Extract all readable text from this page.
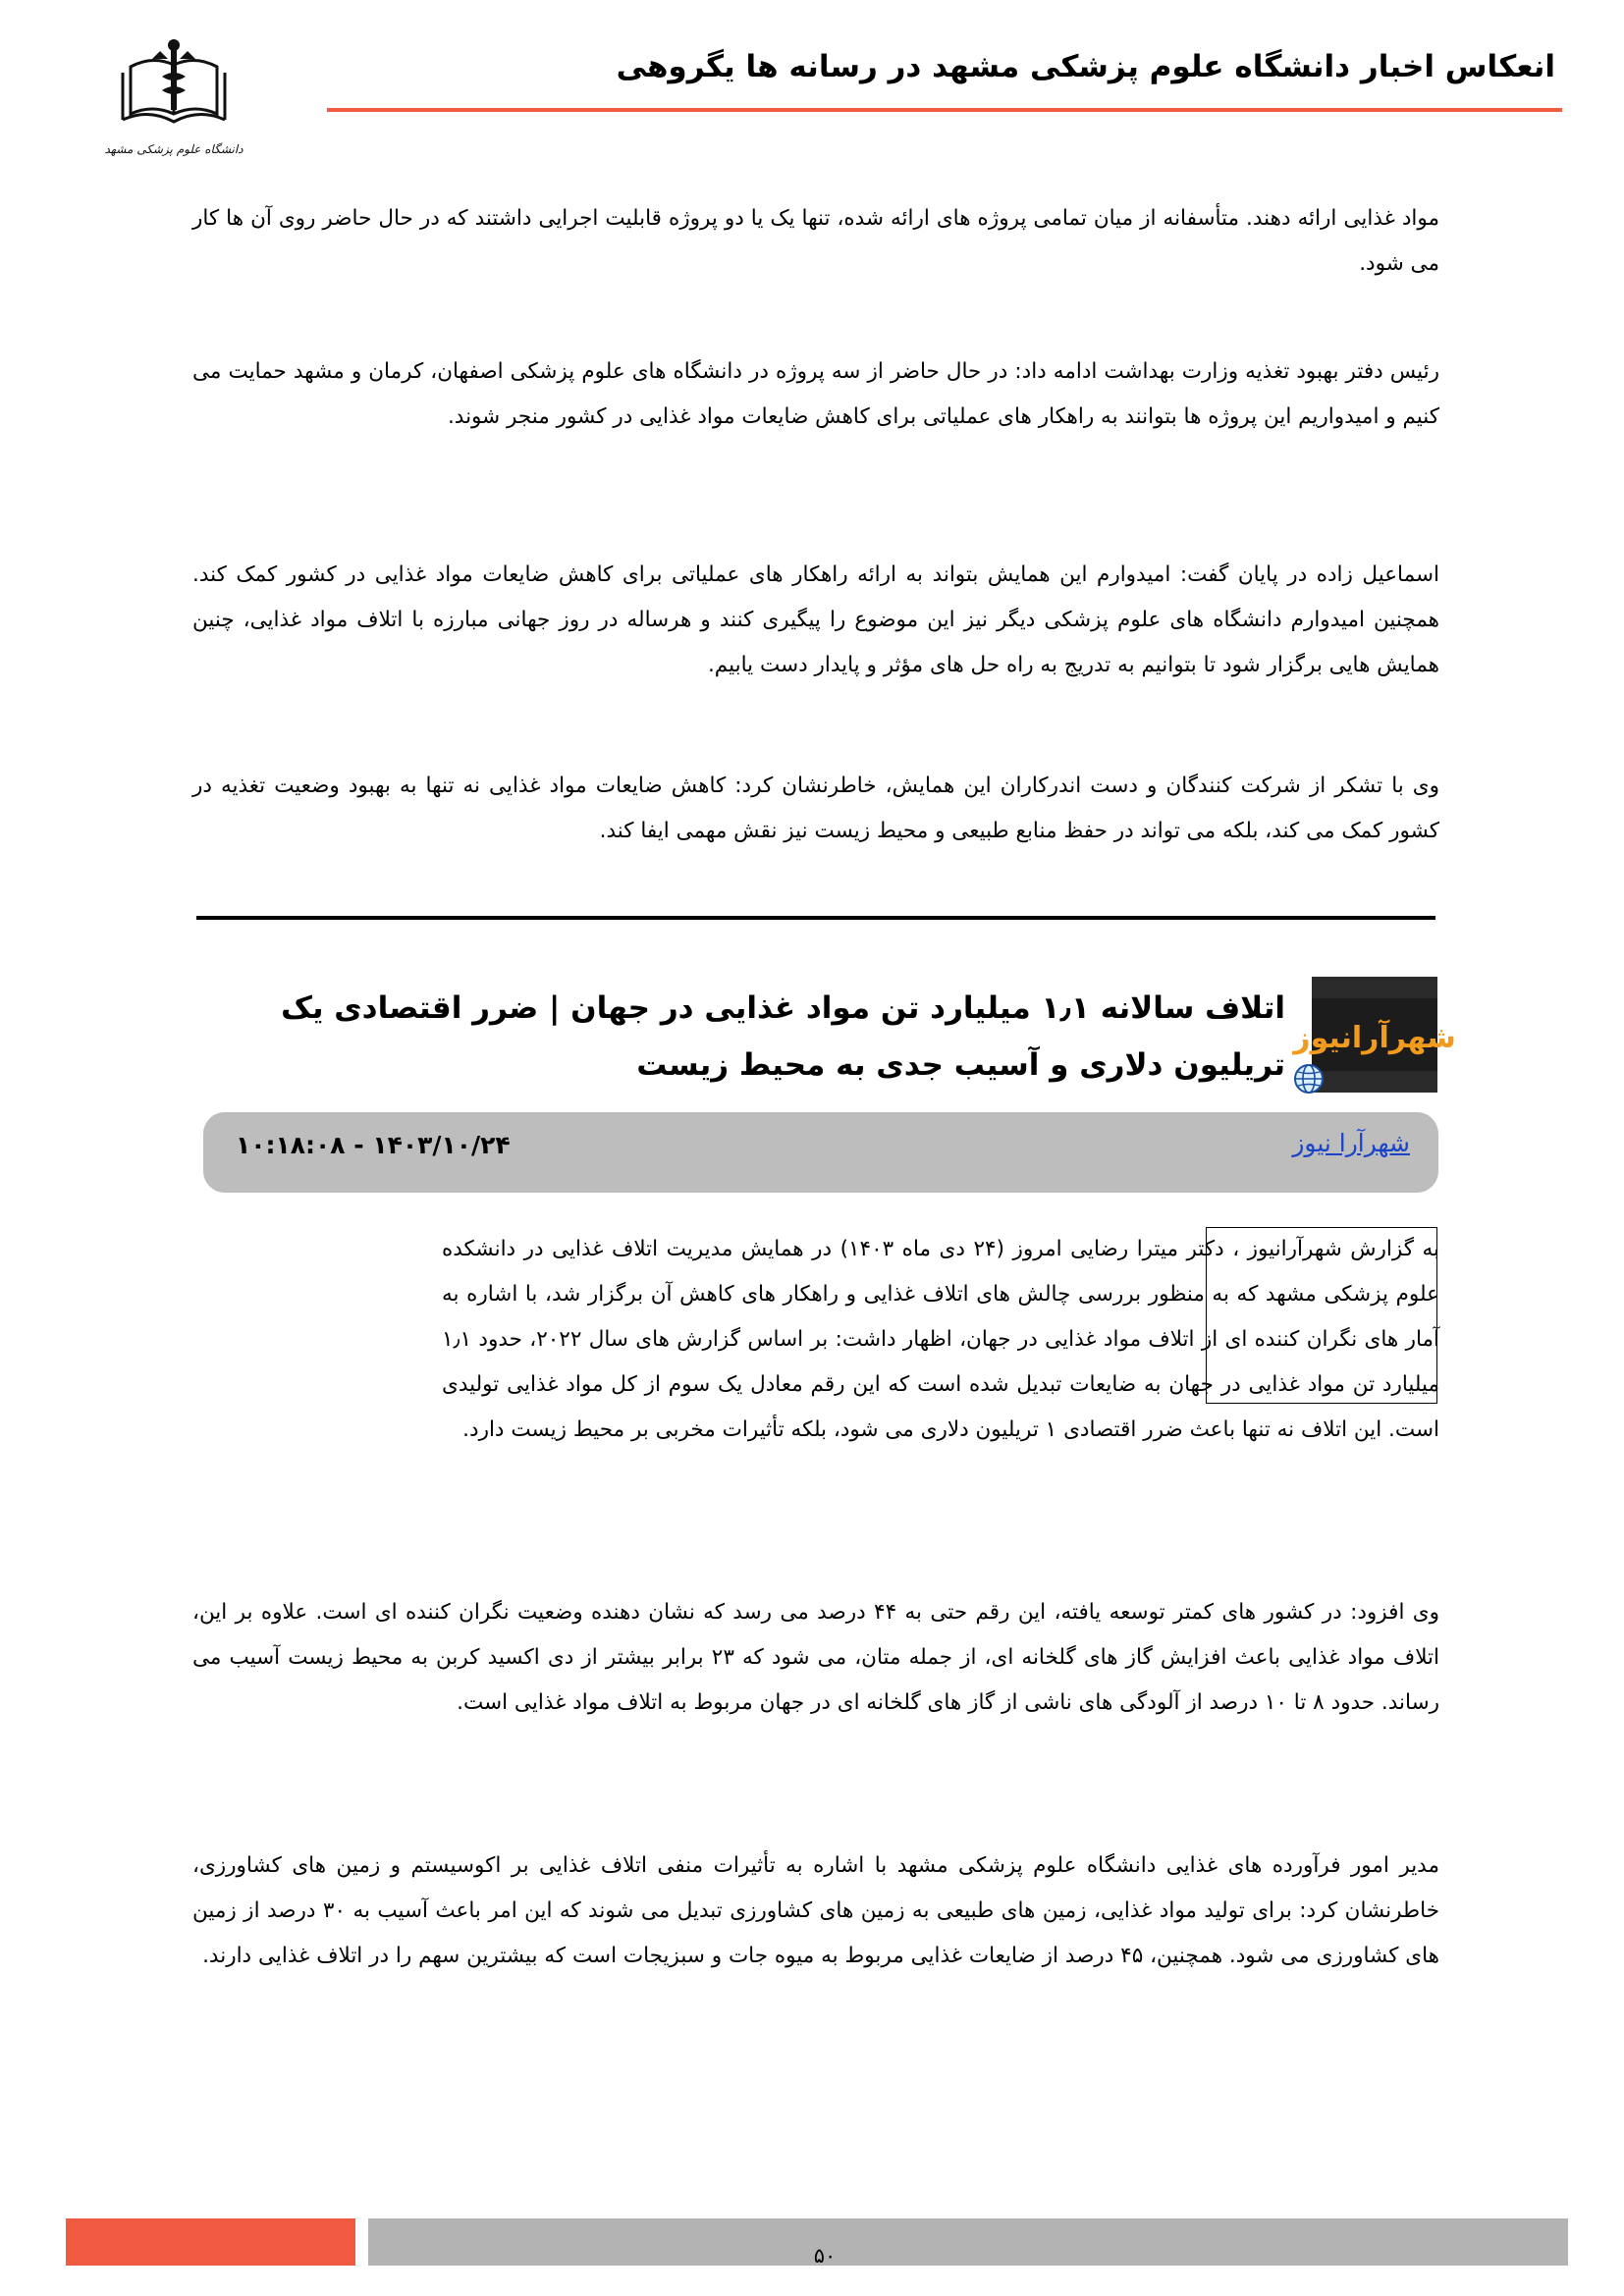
انعکاس اخبار دانشگاه علوم پزشکی مشهد در رسانه ها یگروهی
دانشگاه علوم پزشکی مشهد

مواد غذایی ارائه دهند. متأسفانه از میان تمامی پروژه های ارائه شده، تنها یک یا دو پروژه قابلیت اجرایی داشتند که در حال حاضر روی آن ها کار می شود.

رئیس دفتر بهبود تغذیه وزارت بهداشت ادامه داد: در حال حاضر از سه پروژه در دانشگاه های علوم پزشکی اصفهان، کرمان و مشهد حمایت می کنیم و امیدواریم این پروژه ها بتوانند به راهکار های عملیاتی برای کاهش ضایعات مواد غذایی در کشور منجر شوند.

اسماعیل زاده در پایان گفت: امیدوارم این همایش بتواند به ارائه راهکار های عملیاتی برای کاهش ضایعات مواد غذایی در کشور کمک کند. همچنین امیدوارم دانشگاه های علوم پزشکی دیگر نیز این موضوع را پیگیری کنند و هرساله در روز جهانی مبارزه با اتلاف مواد غذایی، چنین همایش هایی برگزار شود تا بتوانیم به تدریج به راه حل های مؤثر و پایدار دست یابیم.

وی با تشکر از شرکت کنندگان و دست اندرکاران این همایش، خاطرنشان کرد: کاهش ضایعات مواد غذایی نه تنها به بهبود وضعیت تغذیه در کشور کمک می کند، بلکه می تواند در حفظ منابع طبیعی و محیط زیست نیز نقش مهمی ایفا کند.

شهرآرانیوز
اتلاف سالانه ۱٫۱ میلیارد تن مواد غذایی در جهان | ضرر اقتصادی یک تریلیون دلاری و آسیب جدی به محیط زیست
شهرآرا نیوز
۱۴۰۳/۱۰/۲۴ - ۱۰:۱۸:۰۸

به گزارش شهرآرانیوز ، دکتر میترا رضایی امروز (۲۴ دی ماه ۱۴۰۳) در همایش مدیریت اتلاف غذایی در دانشکده علوم پزشکی مشهد که به منظور بررسی چالش های اتلاف غذایی و راهکار های کاهش آن برگزار شد، با اشاره به آمار های نگران کننده ای از اتلاف مواد غذایی در جهان، اظهار داشت: بر اساس گزارش های سال ۲۰۲۲، حدود ۱٫۱ میلیارد تن مواد غذایی در جهان به ضایعات تبدیل شده است که این رقم معادل یک سوم از کل مواد غذایی تولیدی است. این اتلاف نه تنها باعث ضرر اقتصادی ۱ تریلیون دلاری می شود، بلکه تأثیرات مخربی بر محیط زیست دارد.

وی افزود: در کشور های کمتر توسعه یافته، این رقم حتی به ۴۴ درصد می رسد که نشان دهنده وضعیت نگران کننده ای است. علاوه بر این، اتلاف مواد غذایی باعث افزایش گاز های گلخانه ای، از جمله متان، می شود که ۲۳ برابر بیشتر از دی اکسید کربن به محیط زیست آسیب می رساند. حدود ۸ تا ۱۰ درصد از آلودگی های ناشی از گاز های گلخانه ای در جهان مربوط به اتلاف مواد غذایی است.

مدیر امور فرآورده های غذایی دانشگاه علوم پزشکی مشهد با اشاره به تأثیرات منفی اتلاف غذایی بر اکوسیستم و زمین های کشاورزی، خاطرنشان کرد: برای تولید مواد غذایی، زمین های طبیعی به زمین های کشاورزی تبدیل می شوند که این امر باعث آسیب به ۳۰ درصد از زمین های کشاورزی می شود. همچنین، ۴۵ درصد از ضایعات غذایی مربوط به میوه جات و سبزیجات است که بیشترین سهم را در اتلاف غذایی دارند.

۵۰
